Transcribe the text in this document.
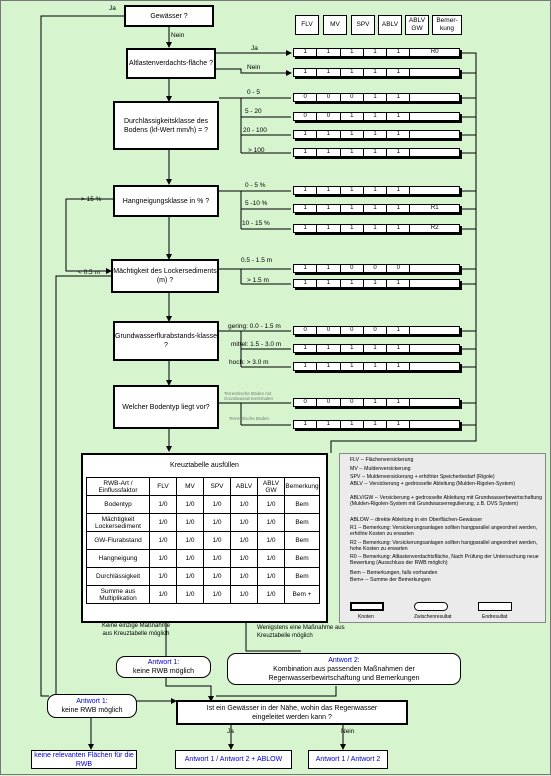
FLV	MV	SPV	ABLV
ABLV GW
Bemer-kung
Gewässer ?
Altlastenverdachts-fläche ?
Durchlässigkeitsklasse des Bodens (kf-Wert mm/h) = ?
Hangneigungsklasse in % ?
Mächtigkeit des Lockersediments (m) ?
Grundwasserflurabstands-klasse ?
Welcher Bodentyp liegt vor?
Ja
Nein
Ja
Nein
> 15 %
< 0.5 m
0 - 5
5 - 20
20 - 100
> 100
0 - 5 %
5 -10 %
10 - 15 %
0.5 - 1.5 m
> 1.5 m
gering: 0.0 - 1.5 m
mittel: 1.5 - 3.0 m
hoch: > 3.0 m
Terrestrische Böden mit Grundwassermerkmalen
Terrestrische Böden
1	1	1	1	1	R0
1	1	1	1	1
0	0	0	1	1
0	0	1	1	1
1	1	1	1	1
1	1	1	1	1
1	1	1	1	1
1	1	1	1	1	R1
1	1	1	1	1	R2
1	1	0	0	0
1	1	1	1	1
0	0	0	0	1
1	1	1	1	1
1	1	1	1	1
0	0	0	1	1
1	1	1	1	1
Kreuztabelle ausfüllen
RWB-Art / Einflussfaktor	FLV	MV	SPV	ABLV	ABLV GW	Bemerkung
Bodentyp	1/0	1/0	1/0	1/0	1/0	Bem
Mächtigkeit Lockersediment	1/0	1/0	1/0	1/0	1/0	Bem
GW-Flurabstand	1/0	1/0	1/0	1/0	1/0	Bem
Hangneigung	1/0	1/0	1/0	1/0	1/0	Bem
Durchlässigkeit	1/0	1/0	1/0	1/0	1/0	Bem
Summe aus Multiplikation	1/0	1/0	1/0	1/0	1/0	Bem +
FLV -- Flächenversickerung
MV -- Muldenversickerung
SPV -- Muldenversickerung + erhöhter Speicherbedarf (Rigole)
ABLV -- Versickerung + gedrosselte Ableitung (Mulden-Rigolen-System)
ABLV/GW -- Versickerung + gedrosselte Ableitung mit Grundwasserbewirtschaftung (Mulden-Rigolen-System mit Grundwasserregulierung, z.B. DVS System)
ABLOW -- direkte Ableitung in ein Oberflächen-Gewässer
R1 -- Bemerkung: Versickerungsanlagen sollten hangparallel angeordnet werden, erhöhte Kosten zu erwarten
R2 -- Bemerkung: Versickerungsanlagen sollten hangparallel angeordnet werden, hohe Kosten zu erwarten
R0 -- Bemerkung: Altlastenverdachtsfläche, Nach Prüfung der Untersuchung neue Bewertung (Ausschluss der RWB möglich)
Bem -- Bemerkungen, falls vorhanden
Bem+ -- Summe der Bemerkungen
Knoten	Zwischenresultat	Endresultat
Keine einzige Maßnahme aus Kreuztabelle möglich
Wenigstens eine Maßnahme aus Kreuztabelle möglich
Antwort 1:
keine RWB möglich
Antwort 2:
Kombination aus passenden Maßnahmen der Regenwasserbewirtschaftung und Bemerkungen
Antwort 1:
keine RWB möglich	Ist ein Gewässer in der Nähe, wohin das Regenwasser eingeleitet werden kann ?
Ja	Nein
keine relevanten Flächen für die RWB
Antwort 1 / Antwort 2 + ABLOW	Antwort 1 / Antwort 2
